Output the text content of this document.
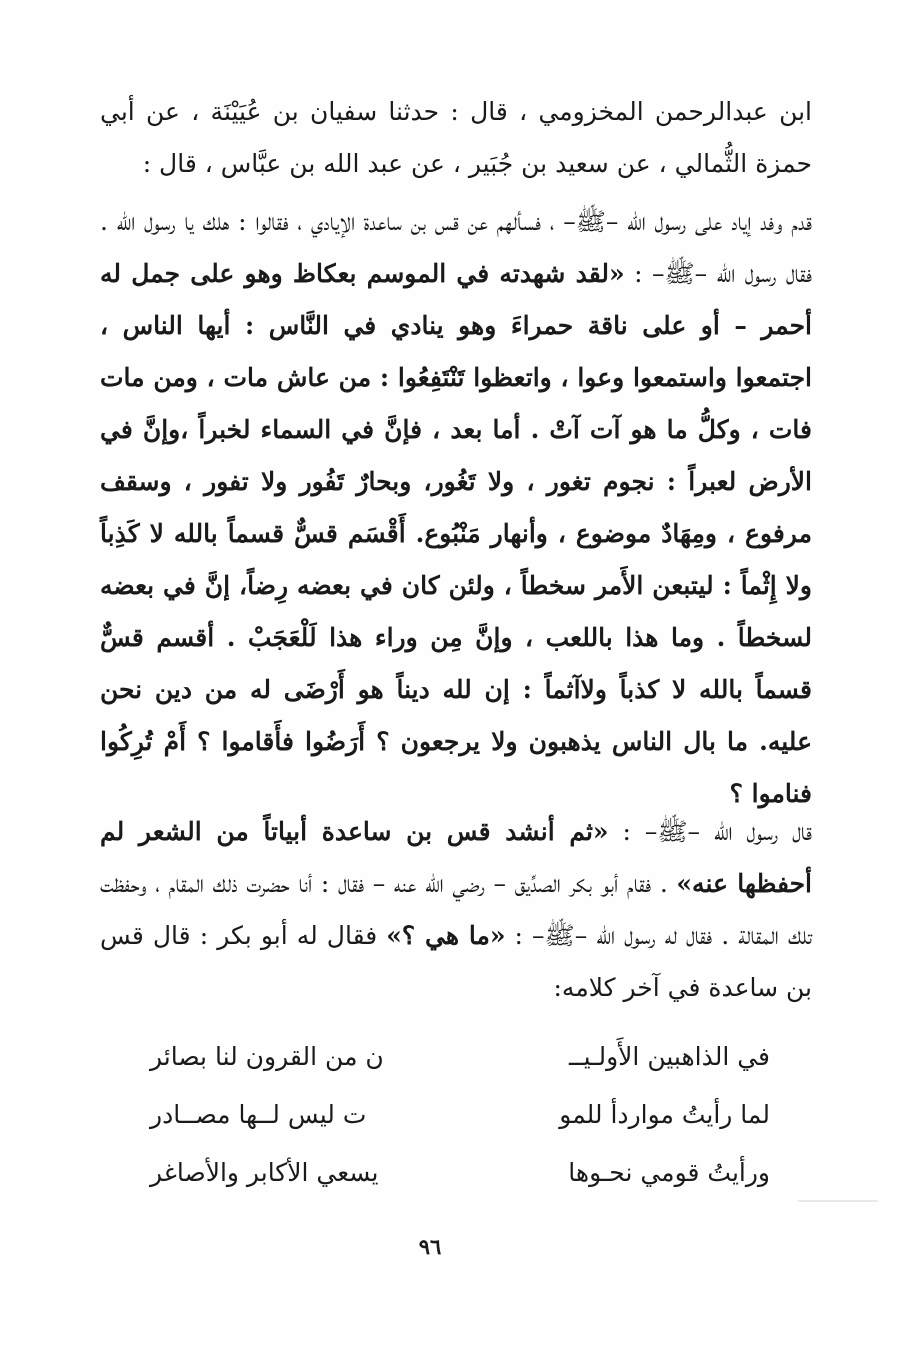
ابن عبدالرحمن المخزومي ، قال : حدثنا سفيان بن عُيَيْنَة ، عن أبي حمزة الثُّمالي ، عن سعيد بن جُبَير ، عن عبد الله بن عبَّاس ، قال :
قدم وفد إياد على رسول الله –ﷺ– ، فسألهم عن قس بن ساعدة الإيادي ، فقالوا : هلك يا رسول الله . فقال رسول الله –ﷺ– : «لقد شهدته في الموسم بعكاظ وهو على جمل له أحمر – أو على ناقة حمراءَ وهو ينادي في النَّاس : أيها الناس ، اجتمعوا واستمعوا وعوا ، واتعظوا تَنْتَفِعُوا : من عاش مات ، ومن مات فات ، وكلُّ ما هو آت آتْ . أما بعد ، فإنَّ في السماء لخبراً ،وإنَّ في الأرض لعبراً : نجوم تغور ، ولا تَغُور، وبحارٌ تَفُور ولا تفور ، وسقف مرفوع ، ومِهَادٌ موضوع ، وأنهار مَنْبُوع. أَقْسَم قسٌّ قسماً بالله لا كَذِباً ولا إِثْماً : ليتبعن الأَمر سخطاً ، ولئن كان في بعضه رِضاً، إنَّ في بعضه لسخطاً . وما هذا باللعب ، وإنَّ مِن وراء هذا لَلْعَجَبْ . أقسم قسٌّ قسماً بالله لا كذباً ولاآثماً : إن لله ديناً هو أَرْضَى له من دين نحن عليه. ما بال الناس يذهبون ولا يرجعون ؟ أَرَضُوا فأَقاموا ؟ أَمْ تُرِكُوا فناموا ؟
قال رسول الله –ﷺ– : «ثم أنشد قس بن ساعدة أبياتاً من الشعر لم أحفظها عنه» . فقام أبو بكر الصدِّيق – رضي الله عنه – فقال : أنا حضرت ذلك المقام ، وحفظت تلك المقالة . فقال له رسول الله –ﷺ– : «ما هي ؟» فقال له أبو بكر : قال قس بن ساعدة في آخر كلامه:
في الذاهبين الأَولـيــ
ن من القرون لنا بصائر
لما رأيتُ مواردأ للمو
ت ليس لــها مصــادر
ورأيتُ قومي نحـوها
يسعي الأكابر والأصاغر
٩٦
